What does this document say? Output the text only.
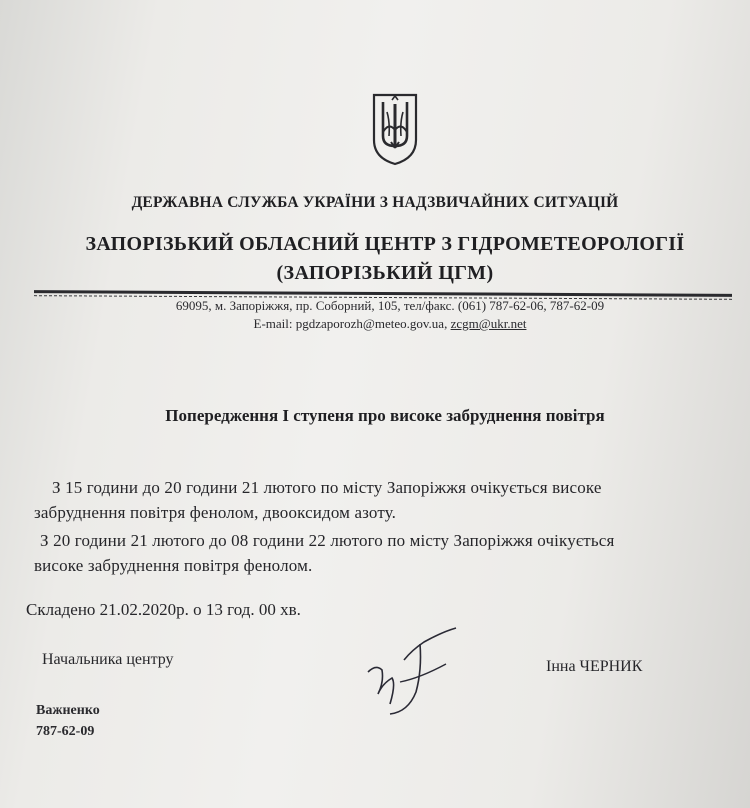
ДЕРЖАВНА СЛУЖБА УКРАЇНИ З НАДЗВИЧАЙНИХ СИТУАЦІЙ

ЗАПОРІЗЬКИЙ ОБЛАСНИЙ ЦЕНТР З ГІДРОМЕТЕОРОЛОГІЇ

(ЗАПОРІЗЬКИЙ ЦГМ)

69095, м. Запоріжжя, пр. Соборний, 105, тел/факс. (061) 787-62-06, 787-62-09

E-mail: pgdzaporozh@meteo.gov.ua, zcgm@ukr.net

Попередження I ступеня про високе забруднення повітря

З 15 години до 20 години 21 лютого по місту Запоріжжя очікується високе

забруднення повітря фенолом, двооксидом азоту.

З 20 години 21 лютого до 08 години 22 лютого по місту Запоріжжя очікується

високе забруднення повітря фенолом.

Складено 21.02.2020р. о 13 год. 00 хв.

Начальника центру	Інна ЧЕРНИК

Важненко

787-62-09
